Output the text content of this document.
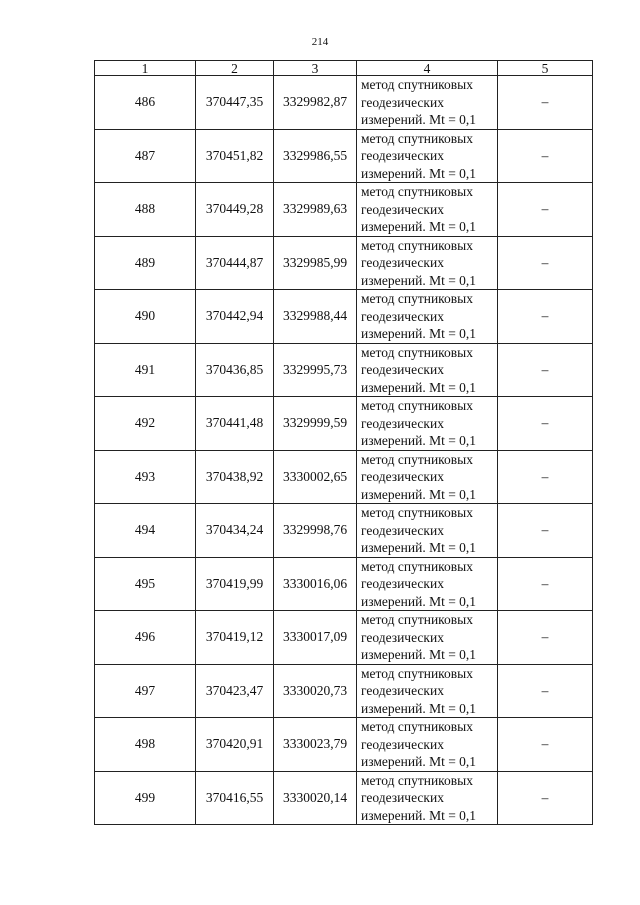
214
1	2	3	4	5
486	370447,35	3329982,87	метод спутниковых
геодезических
измерений. Mt = 0,1	–
487	370451,82	3329986,55	метод спутниковых
геодезических
измерений. Mt = 0,1	–
488	370449,28	3329989,63	метод спутниковых
геодезических
измерений. Mt = 0,1	–
489	370444,87	3329985,99	метод спутниковых
геодезических
измерений. Mt = 0,1	–
490	370442,94	3329988,44	метод спутниковых
геодезических
измерений. Mt = 0,1	–
491	370436,85	3329995,73	метод спутниковых
геодезических
измерений. Mt = 0,1	–
492	370441,48	3329999,59	метод спутниковых
геодезических
измерений. Mt = 0,1	–
493	370438,92	3330002,65	метод спутниковых
геодезических
измерений. Mt = 0,1	–
494	370434,24	3329998,76	метод спутниковых
геодезических
измерений. Mt = 0,1	–
495	370419,99	3330016,06	метод спутниковых
геодезических
измерений. Mt = 0,1	–
496	370419,12	3330017,09	метод спутниковых
геодезических
измерений. Mt = 0,1	–
497	370423,47	3330020,73	метод спутниковых
геодезических
измерений. Mt = 0,1	–
498	370420,91	3330023,79	метод спутниковых
геодезических
измерений. Mt = 0,1	–
499	370416,55	3330020,14	метод спутниковых
геодезических
измерений. Mt = 0,1	–
